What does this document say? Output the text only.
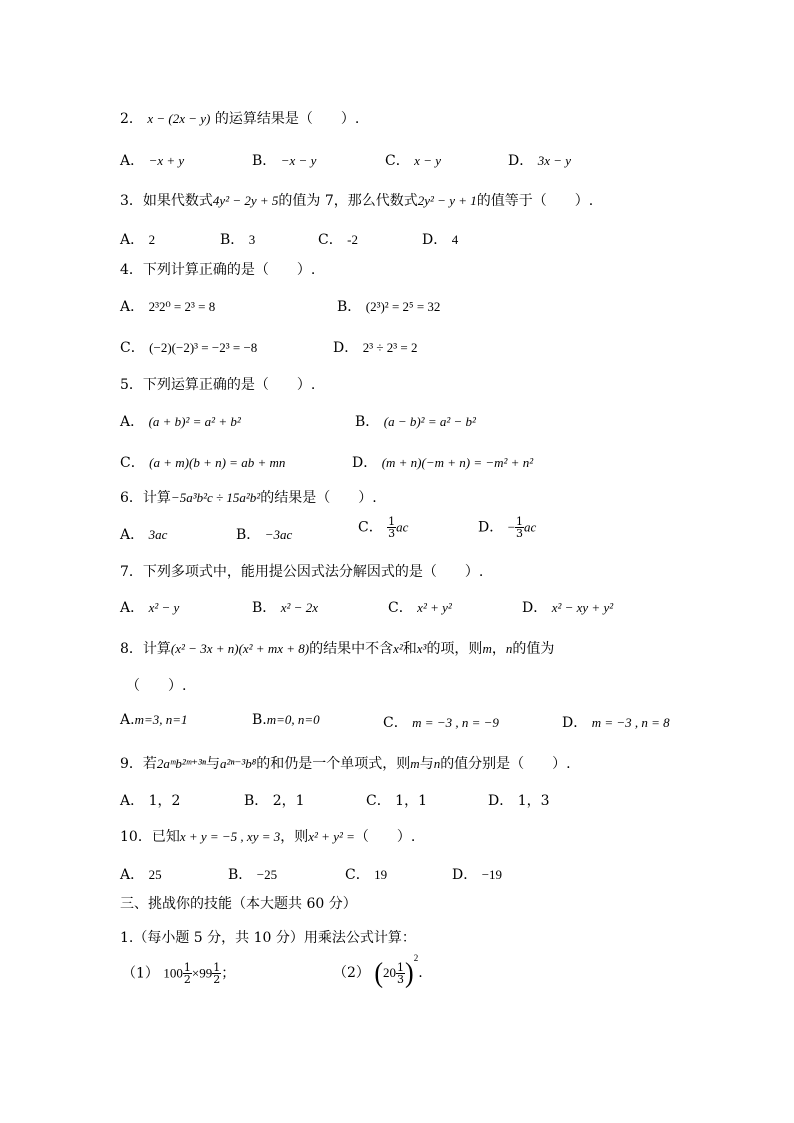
2． x − (2x − y) 的运算结果是（　　）.
A． −x + y	B． −x − y	C． x − y	D． 3x − y
3．如果代数式4y² − 2y + 5的值为 7，那么代数式2y² − y + 1的值等于（　　）.
A． 2	B． 3	C． -2	D． 4
4．下列计算正确的是（　　）.
A． 2³2⁰ = 2³ = 8	B． (2³)² = 2⁵ = 32
C． (−2)(−2)³ = −2³ = −8	D． 2³ ÷ 2³ = 2
5．下列运算正确的是（　　）.
A． (a + b)² = a² + b²	B． (a − b)² = a² − b²
C． (a + m)(b + n) = ab + mn	D． (m + n)(−m + n) = −m² + n²
6．计算−5a³b²c ÷ 15a²b²的结果是（　　）.
A． 3ac	B． −3ac	C． $\frac{1}{3}$ ac	D． − $\frac{1}{3}$ ac
7．下列多项式中，能用提公因式法分解因式的是（　　）.
A． x² − y	B． x² − 2x	C． x² + y²	D． x² − xy + y²
8．计算(x² − 3x + n)(x² + mx + 8)的结果中不含x²和x³的项，则m，n的值为
（　　）.
A.m=3, n=1	B.m=0, n=0	C． m = −3 , n = −9	D． m = −3 , n = 8
9．若2aᵐb²ᵐ⁺³ⁿ与a²ⁿ⁻³b⁸的和仍是一个单项式，则m与n的值分别是（　　）.
A． 1，2	B． 2，1	C． 1，1	D． 1，3
10．已知x + y = −5 , xy = 3，则x² + y² =（　　）.
A． 25	B． −25	C． 19	D． −19
三、挑战你的技能（本大题共 60 分）
1.（每小题 5 分，共 10 分）用乘法公式计算：
（1） $100 \frac{1}{2} \times 99 \frac{1}{2}$ ；	（2） $(20 \frac{1}{3} )^2$.
